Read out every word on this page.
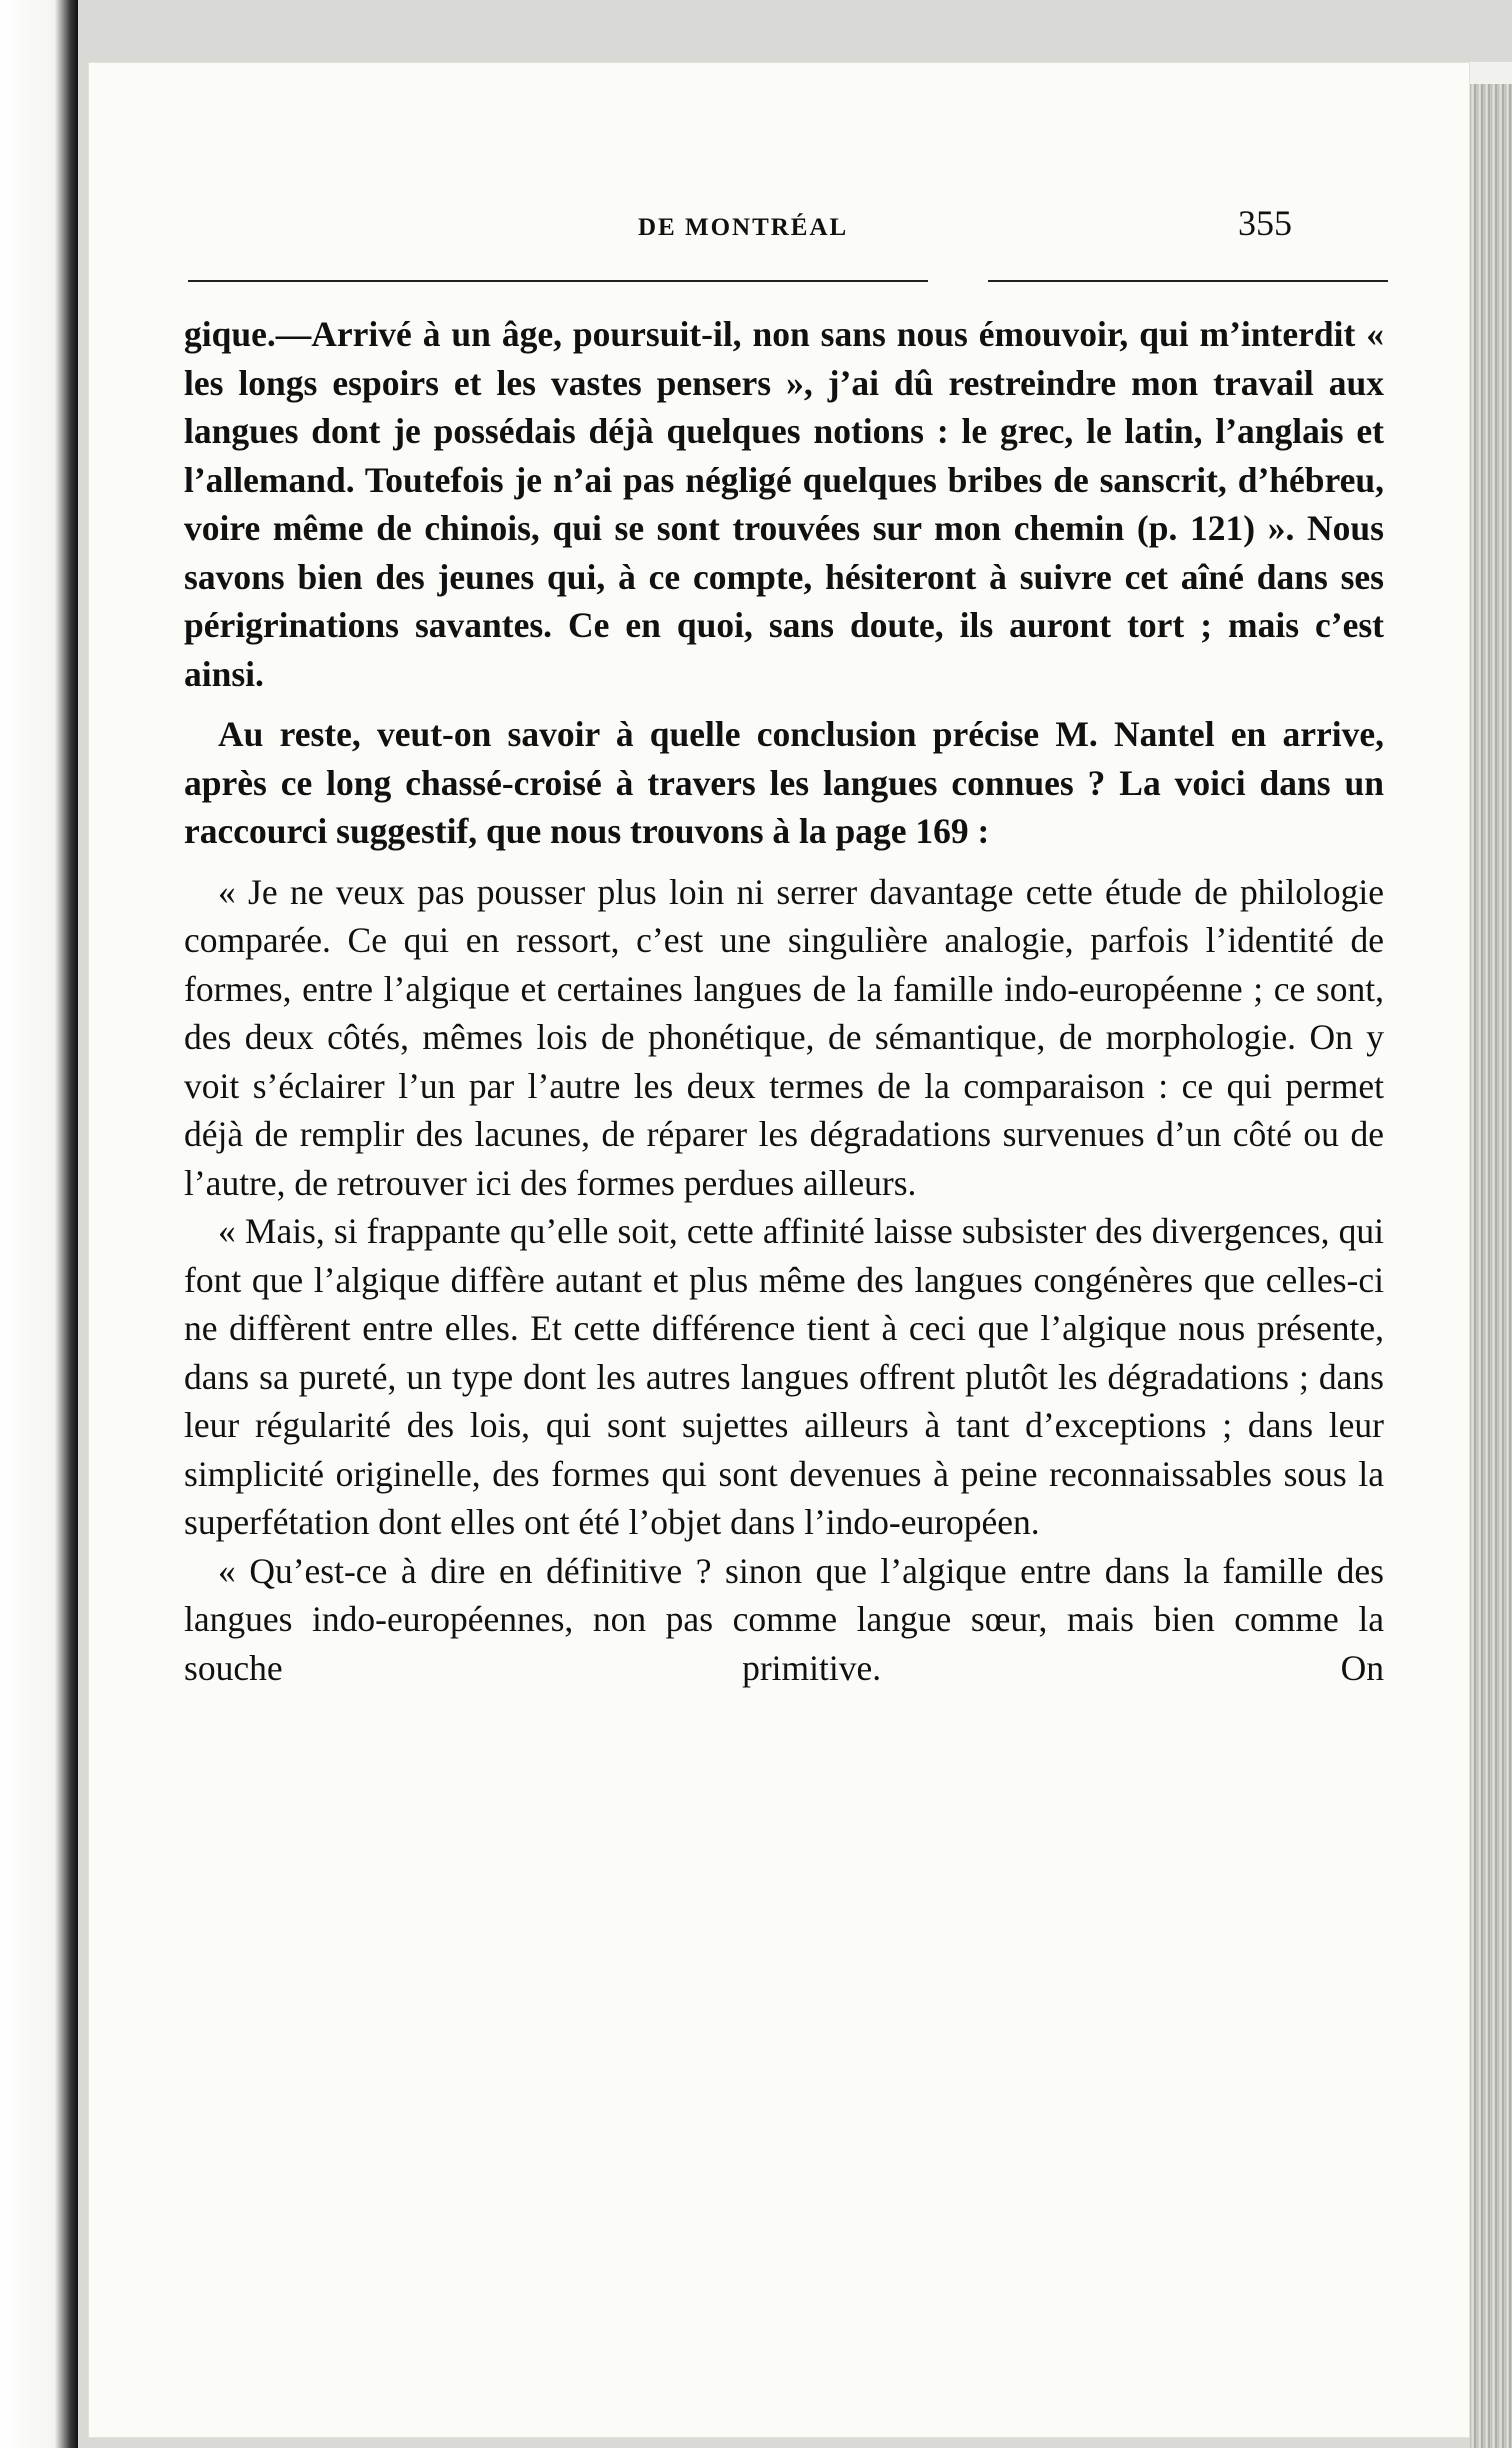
DE MONTRÉAL	355

gique.—Arrivé à un âge, poursuit-il, non sans nous émouvoir, qui m’interdit « les longs espoirs et les vastes pensers », j’ai dû restreindre mon travail aux langues dont je possédais déjà quelques notions : le grec, le latin, l’anglais et l’allemand. Toutefois je n’ai pas négligé quelques bribes de sanscrit, d’hébreu, voire même de chinois, qui se sont trouvées sur mon chemin (p. 121) ». Nous savons bien des jeunes qui, à ce compte, hésiteront à suivre cet aîné dans ses périgrinations savantes. Ce en quoi, sans doute, ils auront tort ; mais c’est ainsi.

Au reste, veut-on savoir à quelle conclusion précise M. Nantel en arrive, après ce long chassé-croisé à travers les langues connues ? La voici dans un raccourci suggestif, que nous trouvons à la page 169 :

« Je ne veux pas pousser plus loin ni serrer davantage cette étude de philologie comparée. Ce qui en ressort, c’est une singulière analogie, parfois l’identité de formes, entre l’algique et certaines langues de la famille indo-européenne ; ce sont, des deux côtés, mêmes lois de phonétique, de sémantique, de morphologie. On y voit s’éclairer l’un par l’autre les deux termes de la comparaison : ce qui permet déjà de remplir des lacunes, de réparer les dégradations survenues d’un côté ou de l’autre, de retrouver ici des formes perdues ailleurs.

« Mais, si frappante qu’elle soit, cette affinité laisse subsister des divergences, qui font que l’algique diffère autant et plus même des langues congénères que celles-ci ne diffèrent entre elles. Et cette différence tient à ceci que l’algique nous présente, dans sa pureté, un type dont les autres langues offrent plutôt les dégradations ; dans leur régularité des lois, qui sont sujettes ailleurs à tant d’exceptions ; dans leur simplicité originelle, des formes qui sont devenues à peine reconnaissables sous la superfétation dont elles ont été l’objet dans l’indo-européen.

« Qu’est-ce à dire en définitive ? sinon que l’algique entre dans la famille des langues indo-européennes, non pas comme langue sœur, mais bien comme la souche primitive. On
